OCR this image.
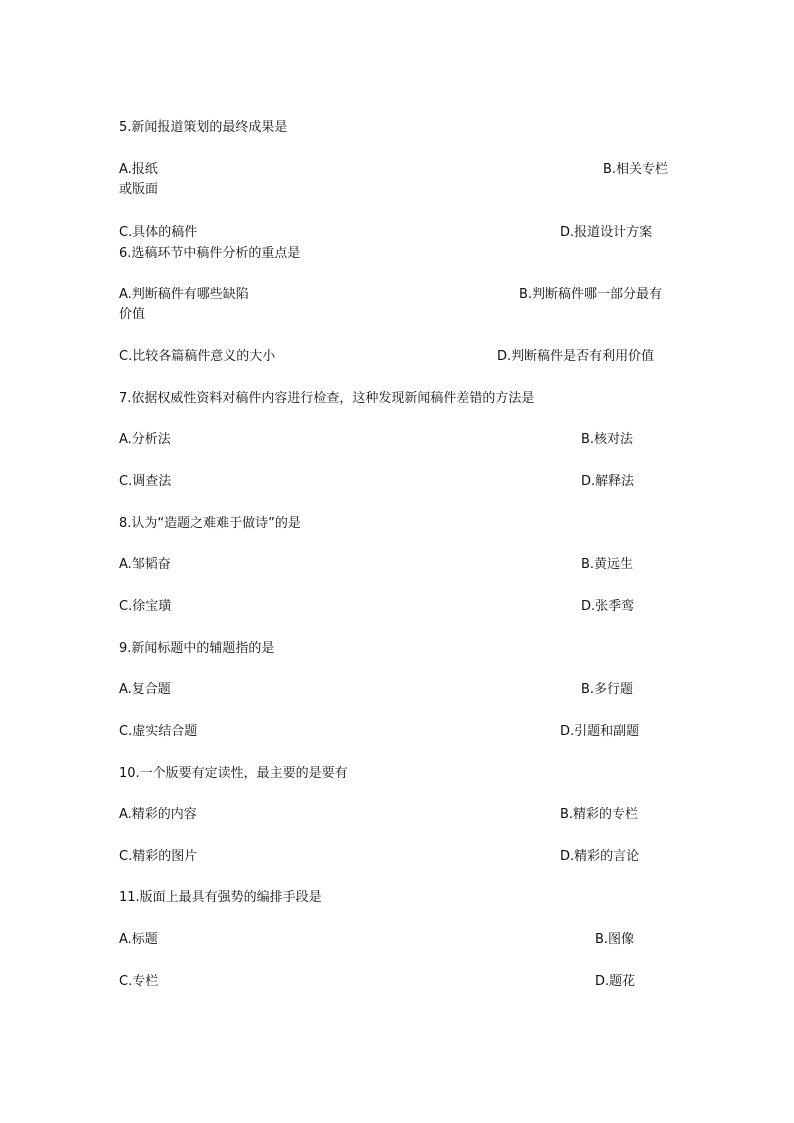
5.新闻报道策划的最终成果是
A.报纸	B.相关专栏
或版面
C.具体的稿件	D.报道设计方案
6.选稿环节中稿件分析的重点是
A.判断稿件有哪些缺陷	B.判断稿件哪一部分最有
价值
C.比较各篇稿件意义的大小	D.判断稿件是否有利用价值
7.依据权威性资料对稿件内容进行检查，这种发现新闻稿件差错的方法是
A.分析法	B.核对法
C.调查法	D.解释法
8.认为“造题之难难于做诗”的是
A.邹韬奋	B.黄远生
C.徐宝璜	D.张季鸾
9.新闻标题中的辅题指的是
A.复合题	B.多行题
C.虚实结合题	D.引题和副题
10.一个版要有定读性，最主要的是要有
A.精彩的内容	B.精彩的专栏
C.精彩的图片	D.精彩的言论
11.版面上最具有强势的编排手段是
A.标题	B.图像
C.专栏	D.题花
